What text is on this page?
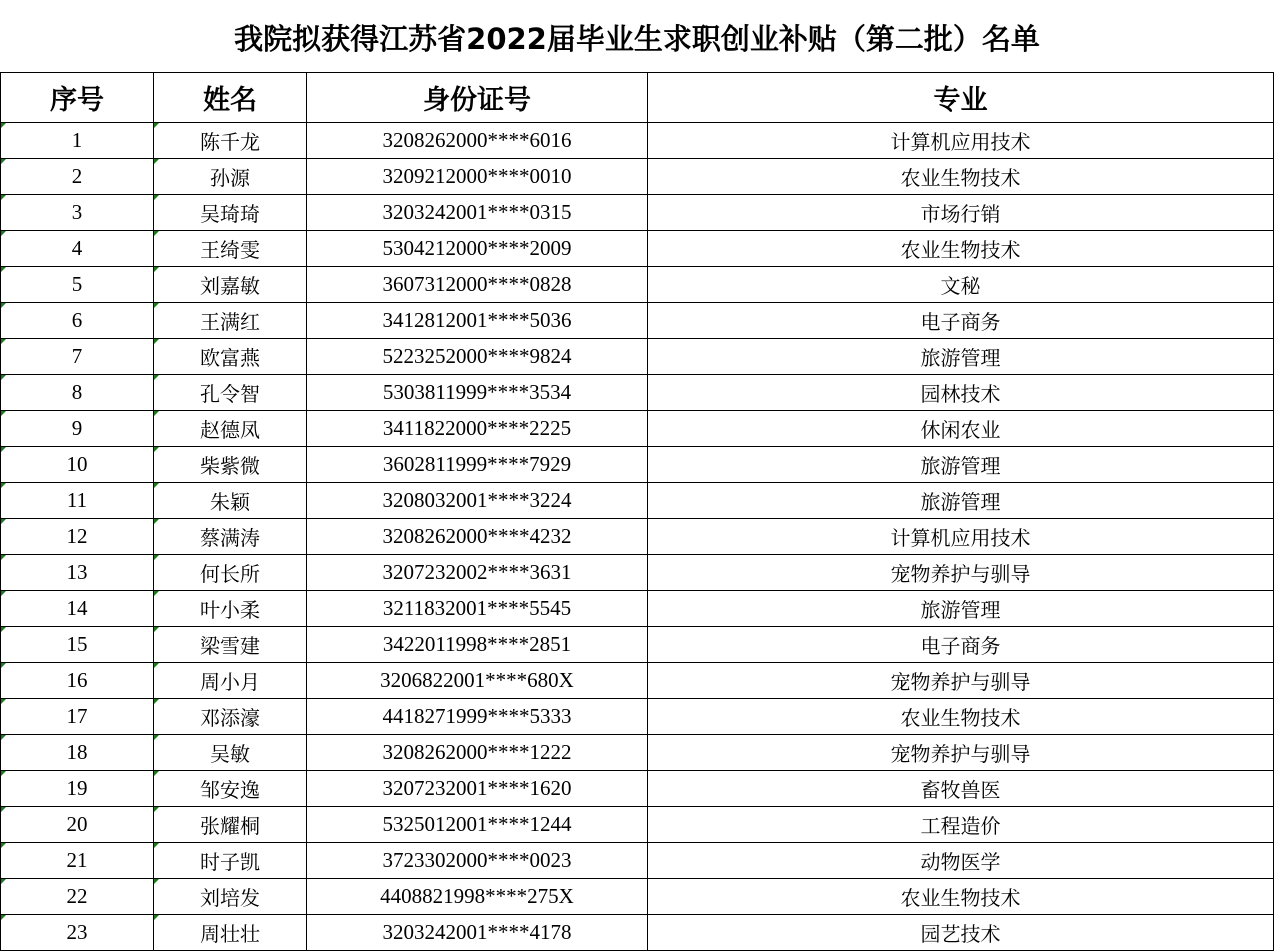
我院拟获得江苏省2022届毕业生求职创业补贴（第二批）名单
序号	姓名	身份证号	专业
1	陈千龙	3208262000****6016	计算机应用技术
2	孙源	3209212000****0010	农业生物技术
3	吴琦琦	3203242001****0315	市场行销
4	王绮雯	5304212000****2009	农业生物技术
5	刘嘉敏	3607312000****0828	文秘
6	王满红	3412812001****5036	电子商务
7	欧富燕	5223252000****9824	旅游管理
8	孔令智	5303811999****3534	园林技术
9	赵德凤	3411822000****2225	休闲农业
10	柴紫微	3602811999****7929	旅游管理
11	朱颖	3208032001****3224	旅游管理
12	蔡满涛	3208262000****4232	计算机应用技术
13	何长所	3207232002****3631	宠物养护与驯导
14	叶小柔	3211832001****5545	旅游管理
15	梁雪建	3422011998****2851	电子商务
16	周小月	3206822001****680X	宠物养护与驯导
17	邓添濠	4418271999****5333	农业生物技术
18	吴敏	3208262000****1222	宠物养护与驯导
19	邹安逸	3207232001****1620	畜牧兽医
20	张耀桐	5325012001****1244	工程造价
21	时子凯	3723302000****0023	动物医学
22	刘培发	4408821998****275X	农业生物技术
23	周壮壮	3203242001****4178	园艺技术
